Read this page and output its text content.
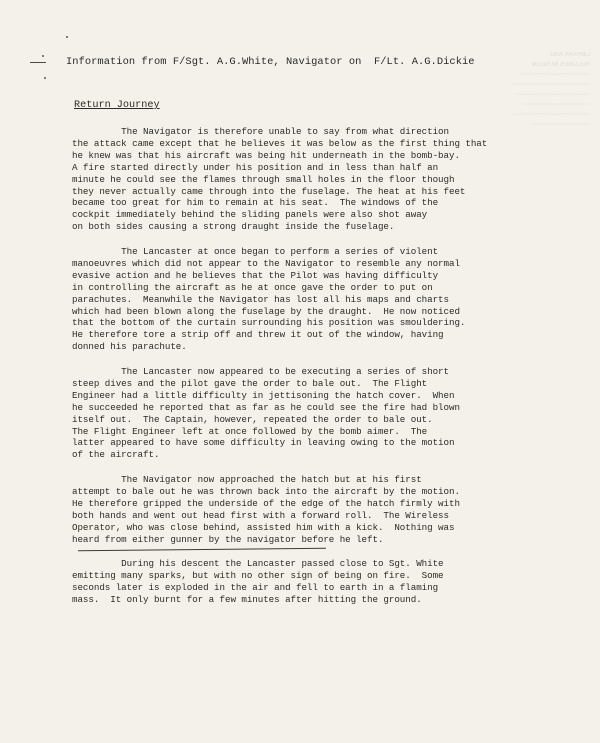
LIBRARY AND
RECORDS MUSEUM
~~~~~~~~~~~~~~~~~~~~
~~~~~~~~~~~~~~~~~~~~~~
~~~~~~~~~~~~~~~~~~~~~
~~~~~~~~~~~~~~~~~~~
~~~~~~~~~~~~~~~~~~~~~~
~~~~~~~~~~~~~~~~~
Information from F/Sgt. A.G.White, Navigator on  F/Lt. A.G.Dickie
Return Journey
The Navigator is therefore unable to say from what direction
the attack came except that he believes it was below as the first thing that
he knew was that his aircraft was being hit underneath in the bomb-bay.
A fire started directly under his position and in less than half an
minute he could see the flames through small holes in the floor though
they never actually came through into the fuselage. The heat at his feet
became too great for him to remain at his seat.  The windows of the
cockpit immediately behind the sliding panels were also shot away
on both sides causing a strong draught inside the fuselage.
The Lancaster at once began to perform a series of violent
manoeuvres which did not appear to the Navigator to resemble any normal
evasive action and he believes that the Pilot was having difficulty
in controlling the aircraft as he at once gave the order to put on
parachutes.  Meanwhile the Navigator has lost all his maps and charts
which had been blown along the fuselage by the draught.  He now noticed
that the bottom of the curtain surrounding his position was smouldering.
He therefore tore a strip off and threw it out of the window, having
donned his parachute.
The Lancaster now appeared to be executing a series of short
steep dives and the pilot gave the order to bale out.  The Flight
Engineer had a little difficulty in jettisoning the hatch cover.  When
he succeeded he reported that as far as he could see the fire had blown
itself out.  The Captain, however, repeated the order to bale out.
The Flight Engineer left at once followed by the bomb aimer.  The
latter appeared to have some difficulty in leaving owing to the motion
of the aircraft.
The Navigator now approached the hatch but at his first
attempt to bale out he was thrown back into the aircraft by the motion.
He therefore gripped the underside of the edge of the hatch firmly with
both hands and went out head first with a forward roll.  The Wireless
Operator, who was close behind, assisted him with a kick.  Nothing was
heard from either gunner by the navigator before he left.
During his descent the Lancaster passed close to Sgt. White
emitting many sparks, but with no other sign of being on fire.  Some
seconds later is exploded in the air and fell to earth in a flaming
mass.  It only burnt for a few minutes after hitting the ground.
